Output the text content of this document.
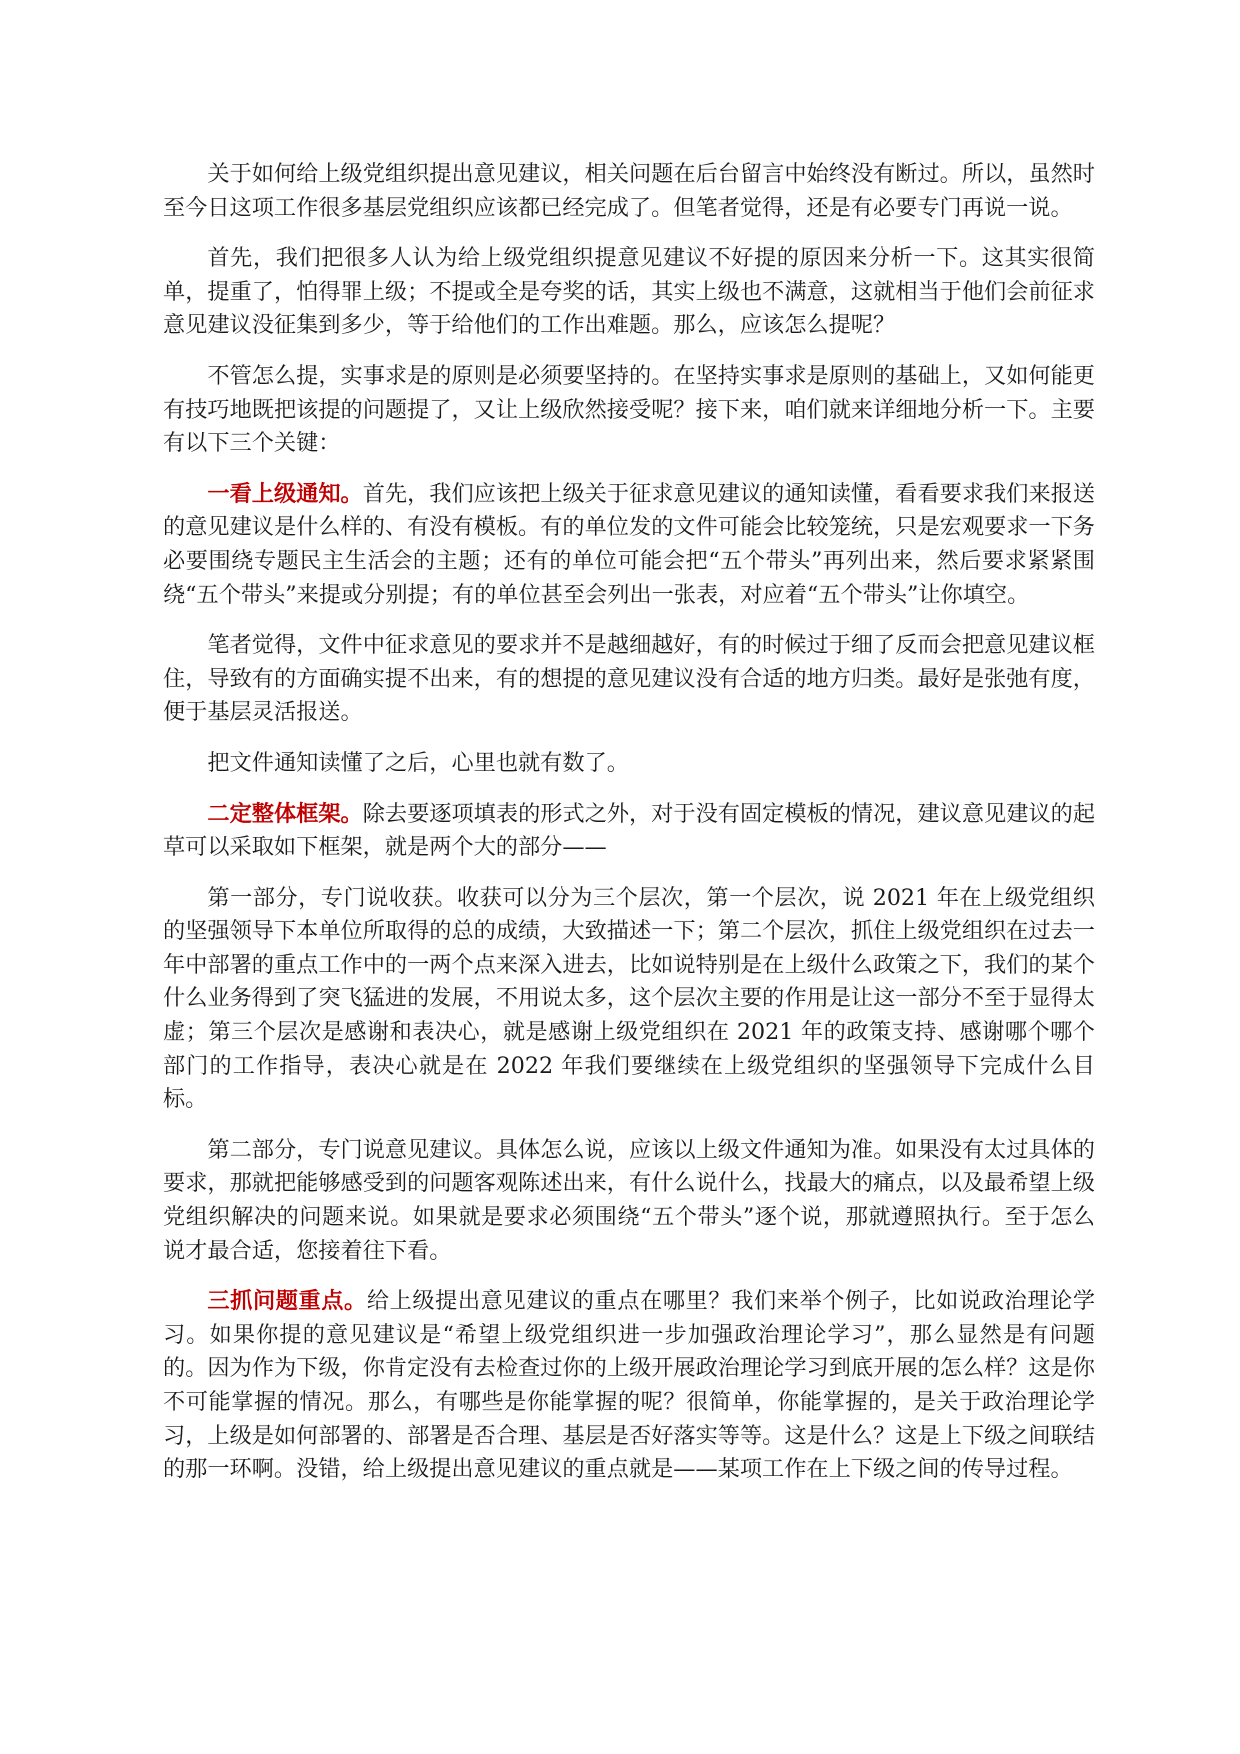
关于如何给上级党组织提出意见建议，相关问题在后台留言中始终没有断过。所以，虽然时至今日这项工作很多基层党组织应该都已经完成了。但笔者觉得，还是有必要专门再说一说。

首先，我们把很多人认为给上级党组织提意见建议不好提的原因来分析一下。这其实很简单，提重了，怕得罪上级；不提或全是夸奖的话，其实上级也不满意，这就相当于他们会前征求意见建议没征集到多少，等于给他们的工作出难题。那么，应该怎么提呢？

不管怎么提，实事求是的原则是必须要坚持的。在坚持实事求是原则的基础上，又如何能更有技巧地既把该提的问题提了，又让上级欣然接受呢？接下来，咱们就来详细地分析一下。主要有以下三个关键：

一看上级通知。首先，我们应该把上级关于征求意见建议的通知读懂，看看要求我们来报送的意见建议是什么样的、有没有模板。有的单位发的文件可能会比较笼统，只是宏观要求一下务必要围绕专题民主生活会的主题；还有的单位可能会把“五个带头”再列出来，然后要求紧紧围绕“五个带头”来提或分别提；有的单位甚至会列出一张表，对应着“五个带头”让你填空。

笔者觉得，文件中征求意见的要求并不是越细越好，有的时候过于细了反而会把意见建议框住，导致有的方面确实提不出来，有的想提的意见建议没有合适的地方归类。最好是张弛有度，便于基层灵活报送。

把文件通知读懂了之后，心里也就有数了。

二定整体框架。除去要逐项填表的形式之外，对于没有固定模板的情况，建议意见建议的起草可以采取如下框架，就是两个大的部分——

第一部分，专门说收获。收获可以分为三个层次，第一个层次，说 2021 年在上级党组织的坚强领导下本单位所取得的总的成绩，大致描述一下；第二个层次，抓住上级党组织在过去一年中部署的重点工作中的一两个点来深入进去，比如说特别是在上级什么政策之下，我们的某个什么业务得到了突飞猛进的发展，不用说太多，这个层次主要的作用是让这一部分不至于显得太虚；第三个层次是感谢和表决心，就是感谢上级党组织在 2021 年的政策支持、感谢哪个哪个部门的工作指导，表决心就是在 2022 年我们要继续在上级党组织的坚强领导下完成什么目标。

第二部分，专门说意见建议。具体怎么说，应该以上级文件通知为准。如果没有太过具体的要求，那就把能够感受到的问题客观陈述出来，有什么说什么，找最大的痛点，以及最希望上级党组织解决的问题来说。如果就是要求必须围绕“五个带头”逐个说，那就遵照执行。至于怎么说才最合适，您接着往下看。

三抓问题重点。给上级提出意见建议的重点在哪里？我们来举个例子，比如说政治理论学习。如果你提的意见建议是“希望上级党组织进一步加强政治理论学习”，那么显然是有问题的。因为作为下级，你肯定没有去检查过你的上级开展政治理论学习到底开展的怎么样？这是你不可能掌握的情况。那么，有哪些是你能掌握的呢？很简单，你能掌握的，是关于政治理论学习，上级是如何部署的、部署是否合理、基层是否好落实等等。这是什么？这是上下级之间联结的那一环啊。没错，给上级提出意见建议的重点就是——某项工作在上下级之间的传导过程。
